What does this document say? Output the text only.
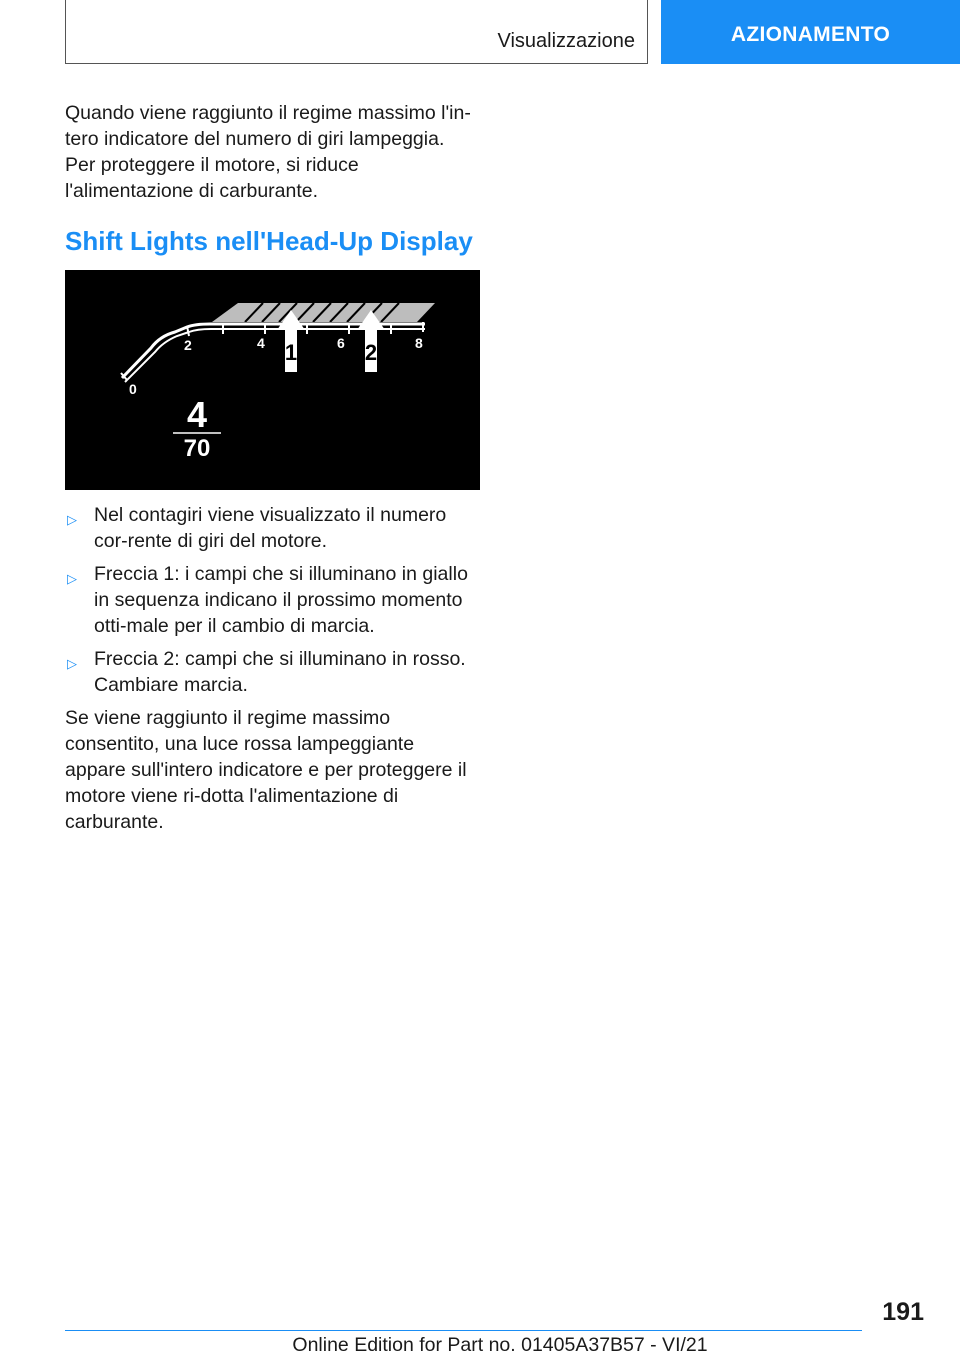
Visualizzazione	AZIONAMENTO

Quando viene raggiunto il regime massimo l'in-tero indicatore del numero di giri lampeggia. Per proteggere il motore, si riduce l'alimentazione di carburante.

Shift Lights nell'Head-Up Display
0
2	4	6	8
1	2
4
70
▷ Nel contagiri viene visualizzato il numero cor-rente di giri del motore.
▷ Freccia 1: i campi che si illuminano in giallo in sequenza indicano il prossimo momento otti-male per il cambio di marcia.
▷ Freccia 2: campi che si illuminano in rosso. Cambiare marcia.

Se viene raggiunto il regime massimo consentito, una luce rossa lampeggiante appare sull'intero indicatore e per proteggere il motore viene ri-dotta l'alimentazione di carburante.

191
Online Edition for Part no. 01405A37B57 - VI/21
